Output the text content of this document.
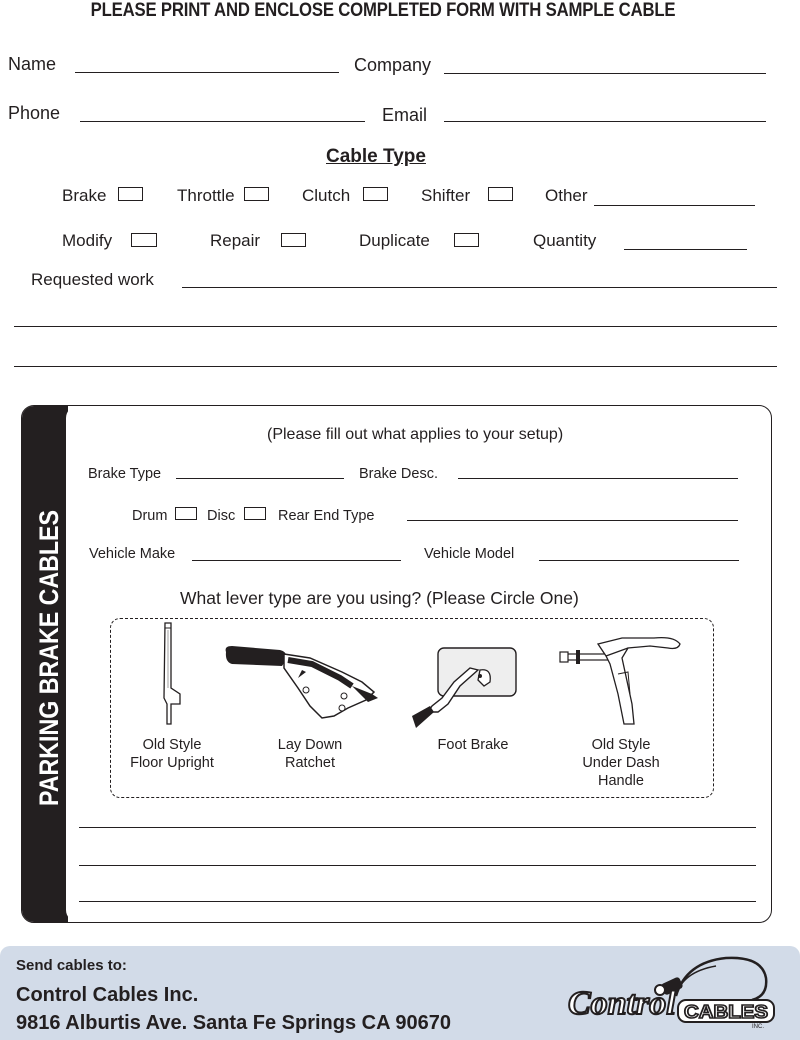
PLEASE PRINT AND ENCLOSE COMPLETED FORM WITH SAMPLE CABLE
Name	Company
Phone	Email
Cable Type
Brake	Throttle	Clutch	Shifter	Other
Modify	Repair	Duplicate	Quantity
Requested work
PARKING BRAKE CABLES
(Please fill out what applies to your setup)
Brake Type	Brake Desc.
Drum	Disc	Rear End Type
Vehicle Make	Vehicle Model
What lever type are you using? (Please Circle One)
Old Style
Floor Upright
Lay Down
Ratchet
Foot Brake	Old Style
Under Dash
Handle
Send cables to:
Control Cables Inc.
9816 Alburtis Ave. Santa Fe Springs CA 90670
Control CABLES
INC.
